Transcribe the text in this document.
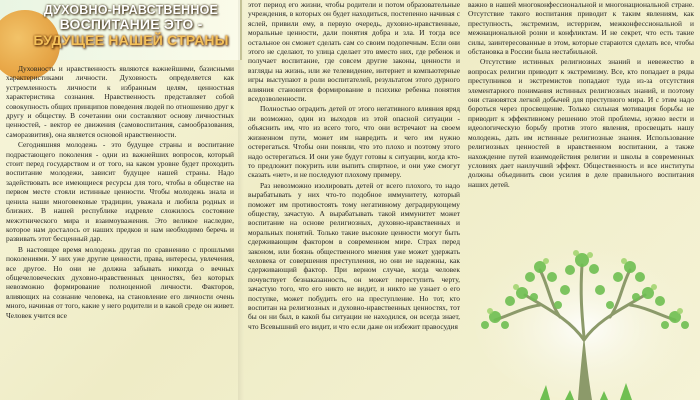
ДУХОВНО-НРАВСТВЕННОЕ
ВОСПИТАНИЕ ЭТО -
БУДУЩЕЕ НАШЕЙ СТРАНЫ

Духовность и нравственность являются важнейшими, базисными характеристиками личности. Духовность определяется как устремленность личности к избранным целям, ценностная характеристика сознания. Нравственность представляет собой совокупность общих принципов поведения людей по отношению друг к другу и обществу. В сочетании они составляют основу личностных ценностей, - вектор ее движения (самовоспитания, самообразования, саморазвития), она является основой нравственности.

Сегодняшняя молодежь - это будущее страны и воспитание подрастающего поколения - одни из важнейших вопросов, который стоит перед государством и от того, на каком уровне будет проходить воспитание молодежи, зависит будущее нашей страны. Надо задействовать все имеющиеся ресурсы для того, чтобы в обществе на первом месте стояли истинные ценности. Чтобы молодежь знала и ценила наши многовековые традиции, уважала и любила родных и близких. В нашей республике издревле сложилось состояние межэтнического мира и взаимоуважения. Это великое наследие, которое нам досталось от наших предков и нам необходимо беречь и развивать этот бесценный дар.

В настоящее время молодежь другая по сравнению с прошлыми поколениями. У них уже другие ценности, права, интересы, увлечения, все другое. Но они не должна забывать никогда о вечных общечеловеческих духовно-нравственных ценностях, без которых невозможно формирование полноценной личности. Факторов, влияющих на сознание человека, на становление его личности очень много, начиная от того, какие у него родители и в какой среде он живет. Человек учится все

этот период его жизни, чтобы родители и потом образовательные учреждения, в которых он будет находиться, постепенно начиная с яслей, привили ему, в первую очередь, духовно-нравственные, моральные ценности, дали понятия добра и зла. И тогда все остальное он сможет сделать сам со своим подопечным. Если они этого не сделают, то улица сделает это вместо них, где ребенок и получает воспитание, где совсем другие законы, ценности и взгляды на жизнь, или же телевидение, интернет и компьютерные игры выступают в роли воспитателей, результатом этого дурного влияния становится формирование в психике ребенка понятия вседозволенности.

Полностью оградить детей от этого негативного влияния вряд ли возможно, один из выходов из этой опасной ситуации - объяснить им, что из всего того, что они встречают на своем жизненном пути, может им навредить и чего им нужно остерегаться. Чтобы они поняли, что это плохо и поэтому этого надо остерегаться. И они уже будут готовы к ситуации, когда кто-то предложит покурить или выпить спиртное, и они уже смогут сказать «нет», и не последуют плохому примеру.

Раз невозможно изолировать детей от всего плохого, то надо вырабатывать у них что-то подобное иммунитету, который поможет им противостоять тому негативному деградирующему обществу, зачастую. А вырабатывать такой иммунитет может воспитание на основе религиозных, духовно-нравственных и моральных понятий. Только такие высокие ценности могут быть сдерживающим фактором в современном мире. Страх перед законом, или боязнь общественного мнения уже может удержать человека от совершения преступления, но они не надежны, как сдерживающий фактор. При верном случае, когда человек почувствует безнаказанность, он может переступить черту, зачастую того, что его никто не видит, и никто не узнает о его поступке, может побудить его на преступление. Но тот, кто воспитан на религиозных и духовно-нравственных ценностях, тот бы он ни был, в какой бы ситуации не находился, он всегда знает, что Всевышний его видит, и что если даже он избежит правосудия

важно в нашей многоконфессиональной и многонациональной стране. Отсутствие такого воспитания приводит к таким явлениям, как преступность, экстремизм, истерризм, межконфессиональной и межнациональной розни и конфликтам. И не секрет, что есть такие силы, заинтересованные в этом, которые стараются сделать все, чтобы обстановка в России была нестабильной.

Отсутствие истинных религиозных знаний и невежество в вопросах религии приводит к экстремизму. Все, кто попадает в ряды преступников и экстремистов попадают туда из-за отсутствия элементарного понимания истинных религиозных знаний, и поэтому они становятся легкой добычей для преступного мира. И с этим надо бороться через просвещение. Только сильная мотивация борьбы не приводит к эффективному решению этой проблемы, нужно вести и идеологическую борьбу против этого явления, просвещать нашу молодежь, дать им истинные религиозные знания. Использование религиозных ценностей в нравственном воспитании, а также нахождение путей взаимодействия религии и школы в современных условиях дает наилучший эффект. Общественность и все институты должны объединить свои усилия в деле правильного воспитания наших детей.
